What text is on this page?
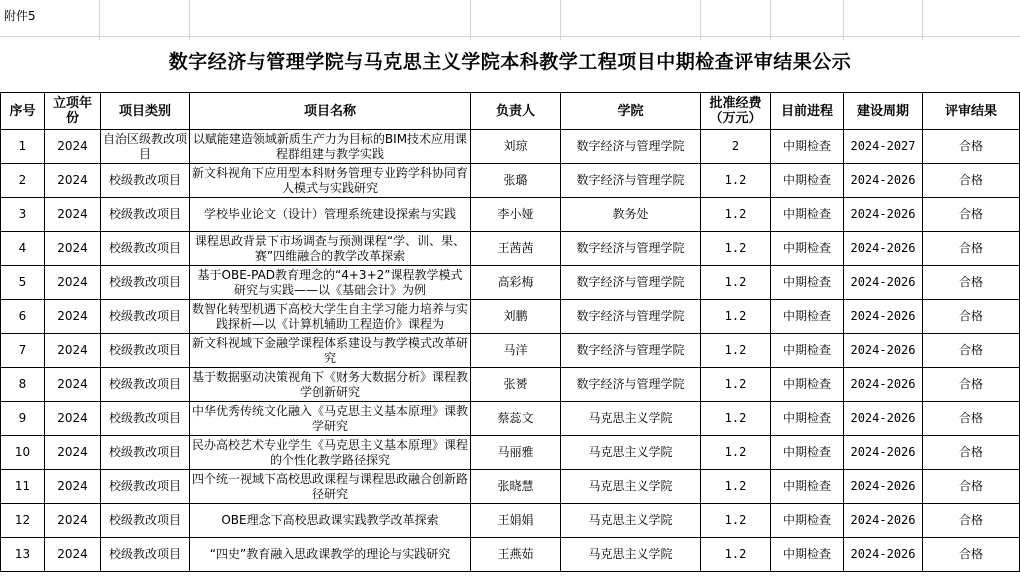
附件5
数字经济与管理学院与马克思主义学院本科教学工程项目中期检查评审结果公示
序号	立项年份	项目类别	项目名称	负责人	学院	批准经费（万元）	目前进程	建设周期	评审结果
1	2024	自治区级教改项目	以赋能建造领域新质生产力为目标的BIM技术应用课程群组建与教学实践	刘琼	数字经济与管理学院	2	中期检查	2024-2027	合格
2	2024	校级教改项目	新文科视角下应用型本科财务管理专业跨学科协同育人模式与实践研究	张璐	数字经济与管理学院	1.2	中期检查	2024-2026	合格
3	2024	校级教改项目	学校毕业论文（设计）管理系统建设探索与实践	李小娅	教务处	1.2	中期检查	2024-2026	合格
4	2024	校级教改项目	课程思政背景下市场调查与预测课程“学、训、果、赛”四维融合的教学改革探索	王茜茜	数字经济与管理学院	1.2	中期检查	2024-2026	合格
5	2024	校级教改项目	基于OBE-PAD教育理念的“4+3+2”课程教学模式研究与实践——以《基础会计》为例	高彩梅	数字经济与管理学院	1.2	中期检查	2024-2026	合格
6	2024	校级教改项目	数智化转型机遇下高校大学生自主学习能力培养与实践探析—以《计算机辅助工程造价》课程为	刘鹏	数字经济与管理学院	1.2	中期检查	2024-2026	合格
7	2024	校级教改项目	新文科视域下金融学课程体系建设与教学模式改革研究	马洋	数字经济与管理学院	1.2	中期检查	2024-2026	合格
8	2024	校级教改项目	基于数据驱动决策视角下《财务大数据分析》课程教学创新研究	张赟	数字经济与管理学院	1.2	中期检查	2024-2026	合格
9	2024	校级教改项目	中华优秀传统文化融入《马克思主义基本原理》课教学研究	蔡蕊文	马克思主义学院	1.2	中期检查	2024-2026	合格
10	2024	校级教改项目	民办高校艺术专业学生《马克思主义基本原理》课程的个性化教学路径探究	马丽雅	马克思主义学院	1.2	中期检查	2024-2026	合格
11	2024	校级教改项目	四个统一视域下高校思政课程与课程思政融合创新路径研究	张晓慧	马克思主义学院	1.2	中期检查	2024-2026	合格
12	2024	校级教改项目	OBE理念下高校思政课实践教学改革探索	王娟娟	马克思主义学院	1.2	中期检查	2024-2026	合格
13	2024	校级教改项目	“四史”教育融入思政课教学的理论与实践研究	王燕茹	马克思主义学院	1.2	中期检查	2024-2026	合格
